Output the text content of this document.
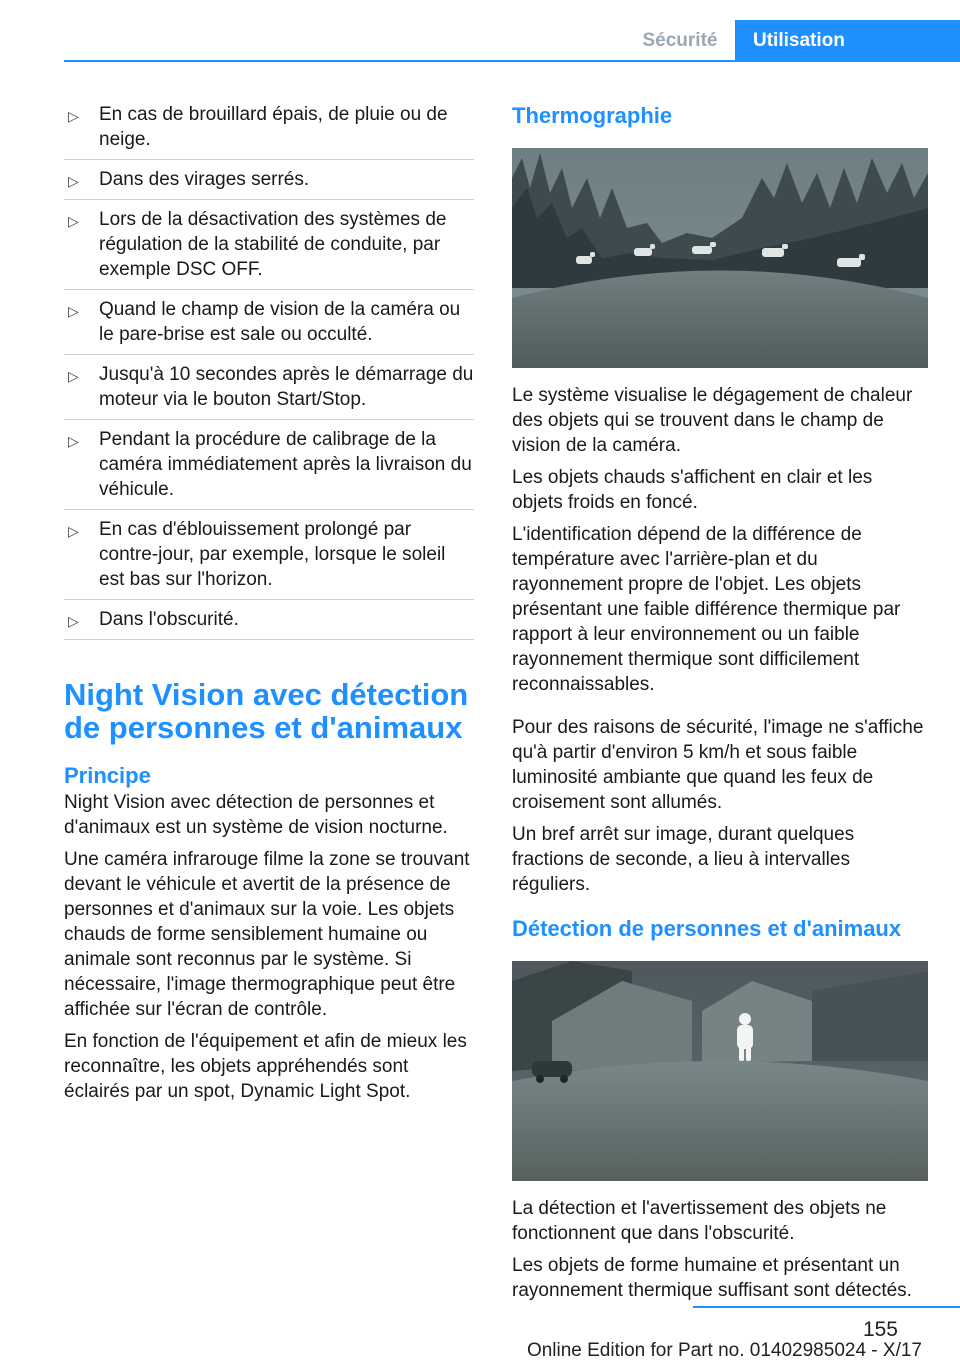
Sécurité	Utilisation
▷ En cas de brouillard épais, de pluie ou de neige.
▷ Dans des virages serrés.
▷ Lors de la désactivation des systèmes de régulation de la stabilité de conduite, par exemple DSC OFF.
▷ Quand le champ de vision de la caméra ou le pare-brise est sale ou occulté.
▷ Jusqu'à 10 secondes après le démarrage du moteur via le bouton Start/Stop.
▷ Pendant la procédure de calibrage de la caméra immédiatement après la livraison du véhicule.
▷ En cas d'éblouissement prolongé par contre-jour, par exemple, lorsque le soleil est bas sur l'horizon.
▷ Dans l'obscurité.
Night Vision avec détection de personnes et d'animaux
Principe

Night Vision avec détection de personnes et d'animaux est un système de vision nocturne.

Une caméra infrarouge filme la zone se trouvant devant le véhicule et avertit de la présence de personnes et d'animaux sur la voie. Les objets chauds de forme sensiblement humaine ou animale sont reconnus par le système. Si nécessaire, l'image thermographique peut être affichée sur l'écran de contrôle.

En fonction de l'équipement et afin de mieux les reconnaître, les objets appréhendés sont éclairés par un spot, Dynamic Light Spot.

Thermographie

Le système visualise le dégagement de chaleur des objets qui se trouvent dans le champ de vision de la caméra.

Les objets chauds s'affichent en clair et les objets froids en foncé.

L'identification dépend de la différence de température avec l'arrière-plan et du rayonnement propre de l'objet. Les objets présentant une faible différence thermique par rapport à leur environnement ou un faible rayonnement thermique sont difficilement reconnaissables.

Pour des raisons de sécurité, l'image ne s'affiche qu'à partir d'environ 5 km/h et sous faible luminosité ambiante que quand les feux de croisement sont allumés.

Un bref arrêt sur image, durant quelques fractions de seconde, a lieu à intervalles réguliers.

Détection de personnes et d'animaux

La détection et l'avertissement des objets ne fonctionnent que dans l'obscurité.

Les objets de forme humaine et présentant un rayonnement thermique suffisant sont détectés.

155
Online Edition for Part no. 01402985024 - X/17
